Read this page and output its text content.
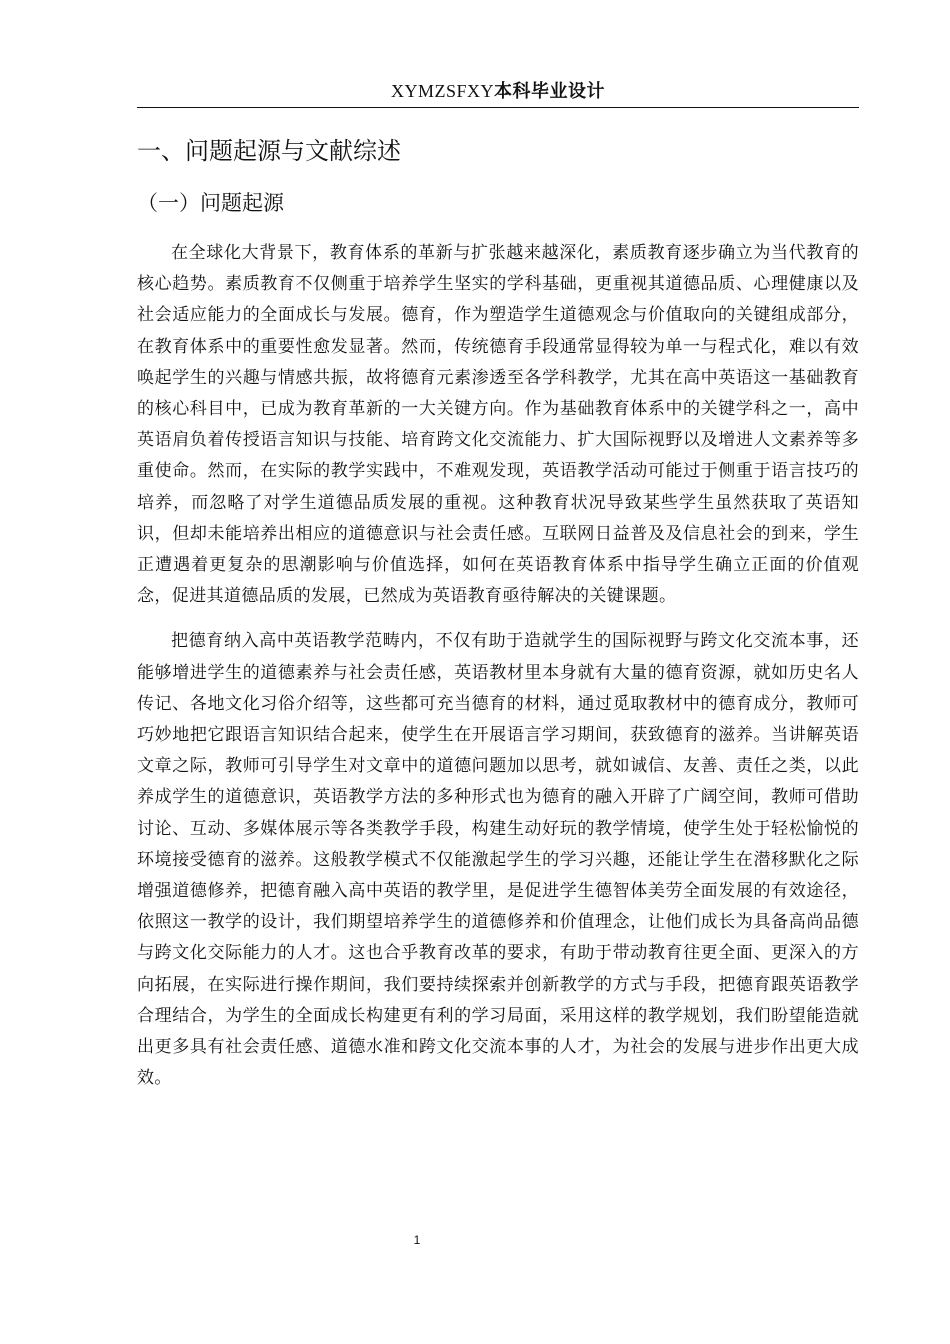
XYMZSFXY本科毕业设计
一、问题起源与文献综述
（一）问题起源

在全球化大背景下，教育体系的革新与扩张越来越深化，素质教育逐步确立为当代教育的核心趋势。素质教育不仅侧重于培养学生坚实的学科基础，更重视其道德品质、心理健康以及社会适应能力的全面成长与发展。德育，作为塑造学生道德观念与价值取向的关键组成部分，在教育体系中的重要性愈发显著。然而，传统德育手段通常显得较为单一与程式化，难以有效唤起学生的兴趣与情感共振，故将德育元素渗透至各学科教学，尤其在高中英语这一基础教育的核心科目中，已成为教育革新的一大关键方向。作为基础教育体系中的关键学科之一，高中英语肩负着传授语言知识与技能、培育跨文化交流能力、扩大国际视野以及增进人文素养等多重使命。然而，在实际的教学实践中，不难观发现，英语教学活动可能过于侧重于语言技巧的培养，而忽略了对学生道德品质发展的重视。这种教育状况导致某些学生虽然获取了英语知识，但却未能培养出相应的道德意识与社会责任感。互联网日益普及及信息社会的到来，学生正遭遇着更复杂的思潮影响与价值选择，如何在英语教育体系中指导学生确立正面的价值观念，促进其道德品质的发展，已然成为英语教育亟待解决的关键课题。

把德育纳入高中英语教学范畴内，不仅有助于造就学生的国际视野与跨文化交流本事，还能够增进学生的道德素养与社会责任感，英语教材里本身就有大量的德育资源，就如历史名人传记、各地文化习俗介绍等，这些都可充当德育的材料，通过觅取教材中的德育成分，教师可巧妙地把它跟语言知识结合起来，使学生在开展语言学习期间，获致德育的滋养。当讲解英语文章之际，教师可引导学生对文章中的道德问题加以思考，就如诚信、友善、责任之类，以此养成学生的道德意识，英语教学方法的多种形式也为德育的融入开辟了广阔空间，教师可借助讨论、互动、多媒体展示等各类教学手段，构建生动好玩的教学情境，使学生处于轻松愉悦的环境接受德育的滋养。这般教学模式不仅能激起学生的学习兴趣，还能让学生在潜移默化之际增强道德修养，把德育融入高中英语的教学里，是促进学生德智体美劳全面发展的有效途径，依照这一教学的设计，我们期望培养学生的道德修养和价值理念，让他们成长为具备高尚品德与跨文化交际能力的人才。这也合乎教育改革的要求，有助于带动教育往更全面、更深入的方向拓展，在实际进行操作期间，我们要持续探索并创新教学的方式与手段，把德育跟英语教学合理结合，为学生的全面成长构建更有利的学习局面，采用这样的教学规划，我们盼望能造就出更多具有社会责任感、道德水准和跨文化交流本事的人才，为社会的发展与进步作出更大成效。

1
